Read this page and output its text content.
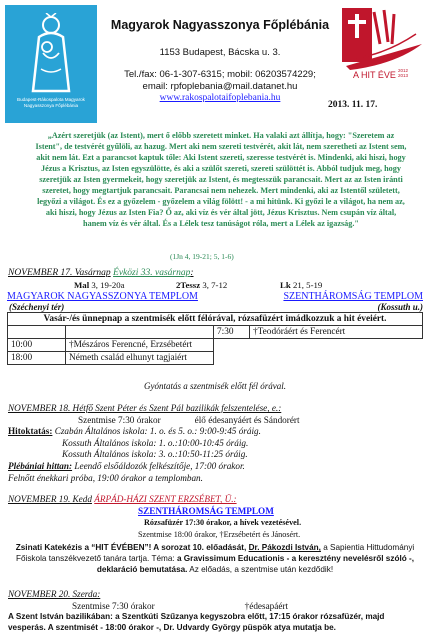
Budapest-Rákospalota Magyarok Nagyasszonya Főplébánia
Magyarok Nagyasszonya Főplébánia
1153 Budapest, Bácska u. 3.
Tel./fax: 06-1-307-6315; mobil: 06203574229;
email: rpfoplebania@mail.datanet.hu
www.rakospalotaifoplebania.hu
A HIT ÉVE 2012
2013
2013. 11. 17.
„Azért szeretjük (az Istent), mert ő előbb szeretett minket. Ha valaki azt állítja, hogy: "Szeretem az Istent", de testvérét gyűlöli, az hazug. Mert aki nem szereti testvérét, akit lát, nem szeretheti az Istent sem, akit nem lát. Ezt a parancsot kaptuk tőle: Aki Istent szereti, szeresse testvérét is. Mindenki, aki hiszi, hogy Jézus a Krisztus, az Isten egyszülötte, és aki a szülőt szereti, szereti szülöttét is. Abból tudjuk meg, hogy szeretjük az Isten gyermekeit, hogy szeretjük az Istent, és megtesszük parancsait. Mert az az Isten iránti szeretet, hogy megtartjuk parancsait. Parancsai nem nehezek. Mert mindenki, aki az Istentől született, legyőzi a világot. És ez a győzelem - győzelem a világ fölött! - a mi hitünk. Ki győzi le a világot, ha nem az, aki hiszi, hogy Jézus az Isten Fia? Ő az, aki víz és vér által jött, Jézus Krisztus. Nem csupán víz által, hanem víz és vér által. És a Lélek tesz tanúságot róla, mert a Lélek az igazság."
(1Jn 4, 19-21; 5, 1-6)
NOVEMBER 17. Vasárnap Évközi 33. vasárnap:
Mal 3, 19-20a	2Tessz 3, 7-12	Lk 21, 5-19
MAGYAROK NAGYASSZONYA TEMPLOM	SZENTHÁROMSÁG TEMPLOM
(Széchenyi tér)	(Kossuth u.)
Vasár-/és ünnepnap a szentmisék előtt félórával, rózsafüzért imádkozzuk a hit éveiért.			
		7:30	†Teodóráért és Ferencért
10:00	†Mészáros Ferencné, Erzsébetért		
18:00	Németh család elhunyt tagjaiért		
Gyóntatás a szentmisék előtt fél órával.
NOVEMBER 18. Hétfő Szent Péter és Szent Pál bazilikák felszentelése, e.:
Szentmise 7:30 órakor	élő édesanyáért és Sándorért
Hitoktatás: Czabán Általános iskola: 1. o. és 5. o.: 9:00-9:45 óráig.
Kossuth Általános iskola: 1. o.:10:00-10:45 óráig.
Kossuth Általános iskola: 3. o.:10:50-11:25 óráig.
Plébániai hittan: Leendő elsőáldozók felkészítője, 17:00 órakor.
Felnőtt énekkari próba, 19:00 órakor a templomban.
NOVEMBER 19. Kedd ÁRPÁD-HÁZI SZENT ERZSÉBET, Ü.:
SZENTHÁROMSÁG TEMPLOM
Rózsafüzér 17:30 órakor, a hívek vezetésével.
Szentmise 18:00 órakor, †Erzsébetért és Jánosért.
Zsinati Katekézis a “HIT ÉVÉBEN”! A sorozat 10. előadását, Dr. Pákozdi István, a Sapientia Hittudományi Főiskola tanszékvezető tanára tartja. Téma: a Gravissimum Educationis - a keresztény nevelésről szóló -, deklaráció bemutatása. Az előadás, a szentmise után kezdődik!
NOVEMBER 20. Szerda:
Szentmise 7:30 órakor	†édesapáért
A Szent István bazilikában: a Szentkúti Szűzanya kegyszobra előtt, 17:15 órakor rózsafüzér, majd vesperás. A szentmisét - 18:00 órakor -, Dr. Udvardy György püspök atya mutatja be.
